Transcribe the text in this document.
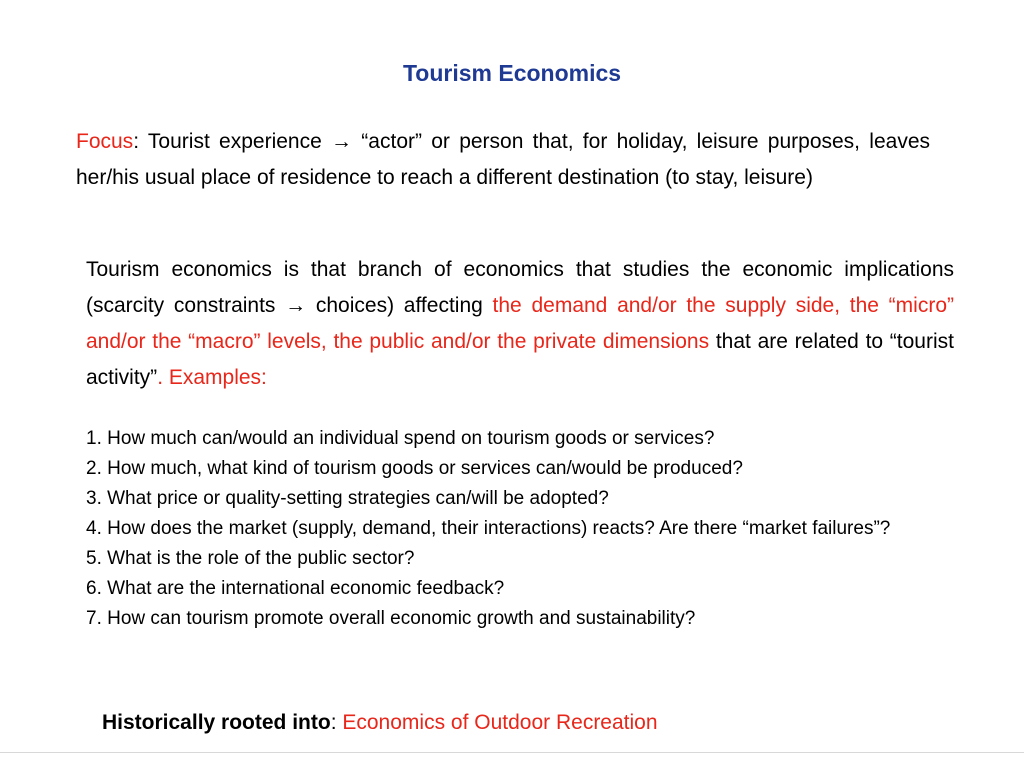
Tourism Economics

Focus: Tourist experience → “actor” or person that, for holiday, leisure purposes, leaves her/his usual place of residence to reach a different destination (to stay, leisure)

Tourism economics is that branch of economics that studies the economic implications (scarcity constraints → choices) affecting the demand and/or the supply side, the “micro” and/or the “macro” levels, the public and/or the private dimensions that are related to “tourist activity”. Examples:

1. How much can/would an individual spend on tourism goods or services?
2. How much, what kind of tourism goods or services can/would be produced?
3. What price or quality-setting strategies can/will be adopted?
4. How does the market (supply, demand, their interactions) reacts? Are there “market failures”?
5. What is the role of the public sector?
6. What are the international economic feedback?
7. How can tourism promote overall economic growth and sustainability?
Historically rooted into: Economics of Outdoor Recreation
